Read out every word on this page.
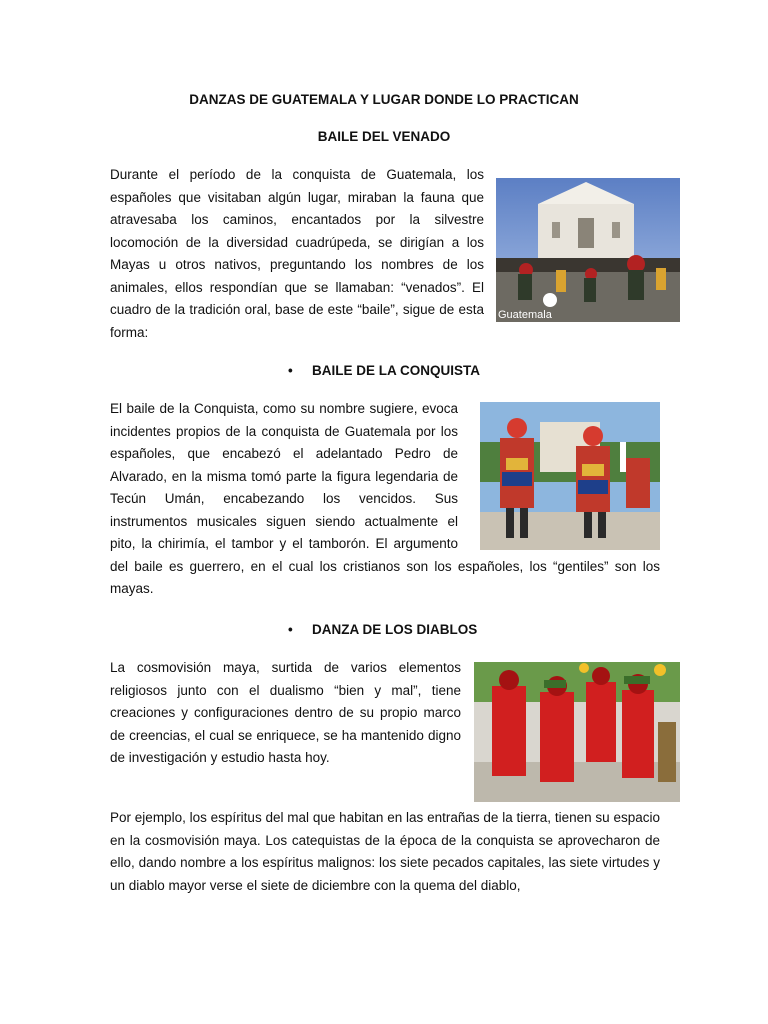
DANZAS DE GUATEMALA Y LUGAR DONDE LO PRACTICAN
BAILE DEL VENADO

Durante el período de la conquista de Guatemala, los españoles que visitaban algún lugar, miraban la fauna que atravesaba los caminos, encantados por la silvestre locomoción de la diversidad cuadrúpeda, se dirigían a los Mayas u otros nativos, preguntando los nombres de los animales, ellos respondían que se llamaban: “venados”. El cuadro de la tradición oral, base de este “baile”, sigue de esta forma:

Guatemala
• BAILE DE LA CONQUISTA

El baile de la Conquista, como su nombre sugiere, evoca incidentes propios de la conquista de Guatemala por los españoles, que encabezó el adelantado Pedro de Alvarado, en la misma tomó parte la figura legendaria de Tecún Umán, encabezando los vencidos. Sus instrumentos musicales siguen siendo actualmente el pito, la chirimía, el tambor y el tamborón. El argumento del baile es guerrero, en el cual los cristianos son los españoles, los “gentiles” son los mayas.

• DANZA DE LOS DIABLOS

La cosmovisión maya, surtida de varios elementos religiosos junto con el dualismo “bien y mal”, tiene creaciones y configuraciones dentro de su propio marco de creencias, el cual se enriquece, se ha mantenido digno de investigación y estudio hasta hoy.

Por ejemplo, los espíritus del mal que habitan en las entrañas de la tierra, tienen su espacio en la cosmovisión maya. Los catequistas de la época de la conquista se aprovecharon de ello, dando nombre a los espíritus malignos: los siete pecados capitales, las siete virtudes y un diablo mayor verse el siete de diciembre con la quema del diablo,
